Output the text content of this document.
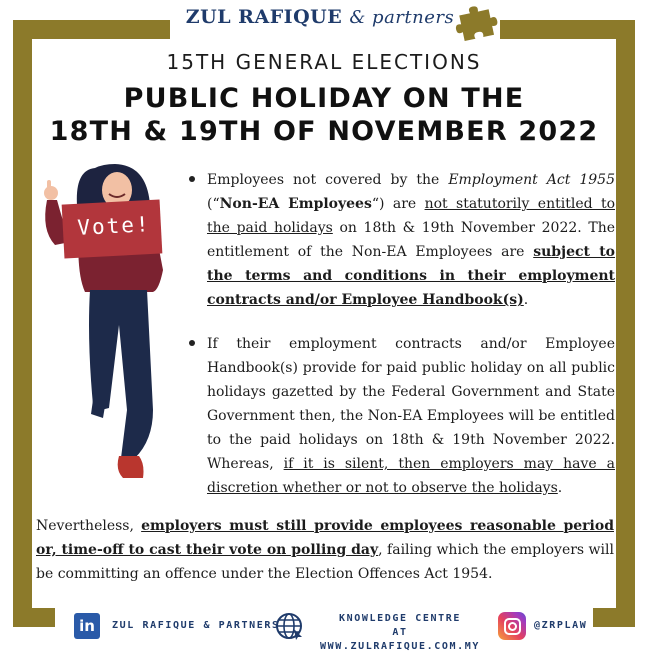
ZUL RAFIQUE & partners
15TH GENERAL ELECTIONS
PUBLIC HOLIDAY ON THE
18TH & 19TH OF NOVEMBER 2022
Vote!
Employees not covered by the Employment Act 1955 (“Non-EA Employees“) are not statutorily entitled to the paid holidays on 18th & 19th November 2022. The entitlement of the Non-EA Employees are subject to the terms and conditions in their employment contracts and/or Employee Handbook(s).
If their employment contracts and/or Employee Handbook(s) provide for paid public holiday on all public holidays gazetted by the Federal Government and State Government then, the Non-EA Employees will be entitled to the paid holidays on 18th & 19th November 2022. Whereas, if it is silent, then employers may have a discretion whether or not to observe the holidays.
Nevertheless, employers must still provide employees reasonable period or, time-off to cast their vote on polling day, failing which the employers will be committing an offence under the Election Offences Act 1954.
in	ZUL RAFIQUE & PARTNERS
KNOWLEDGE CENTRE
AT WWW.ZULRAFIQUE.COM.MY
@ZRPLAW
